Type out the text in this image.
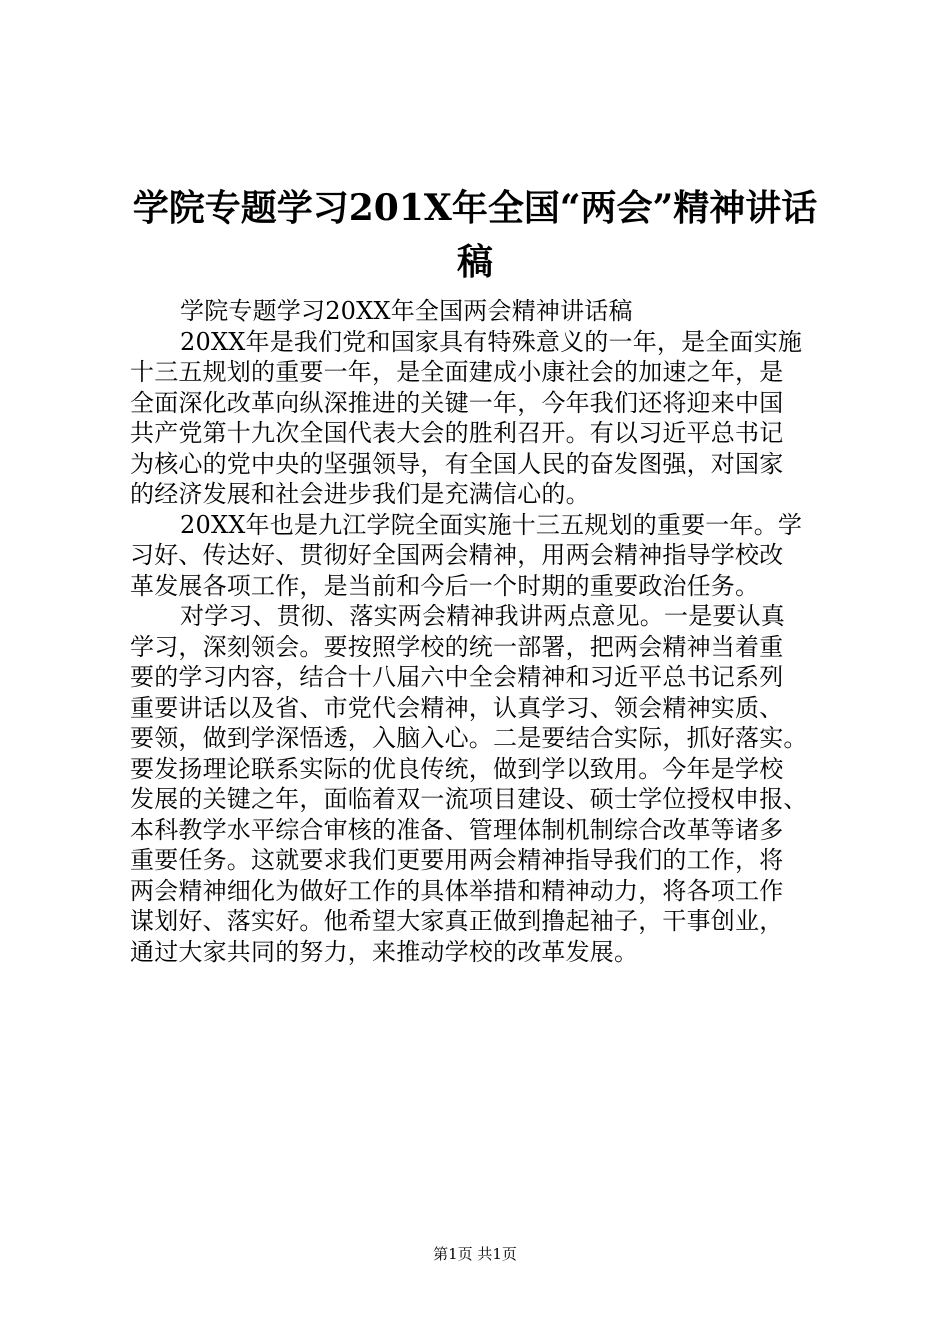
学院专题学习201X年全国“两会”精神讲话
稿
学院专题学习20XX年全国两会精神讲话稿
20XX年是我们党和国家具有特殊意义的一年，是全面实施
十三五规划的重要一年，是全面建成小康社会的加速之年，是
全面深化改革向纵深推进的关键一年，今年我们还将迎来中国
共产党第十九次全国代表大会的胜利召开。有以习近平总书记
为核心的党中央的坚强领导，有全国人民的奋发图强，对国家
的经济发展和社会进步我们是充满信心的。
20XX年也是九江学院全面实施十三五规划的重要一年。学
习好、传达好、贯彻好全国两会精神，用两会精神指导学校改
革发展各项工作，是当前和今后一个时期的重要政治任务。
对学习、贯彻、落实两会精神我讲两点意见。一是要认真
学习，深刻领会。要按照学校的统一部署，把两会精神当着重
要的学习内容，结合十八届六中全会精神和习近平总书记系列
重要讲话以及省、市党代会精神，认真学习、领会精神实质、
要领，做到学深悟透，入脑入心。二是要结合实际，抓好落实。
要发扬理论联系实际的优良传统，做到学以致用。今年是学校
发展的关键之年，面临着双一流项目建设、硕士学位授权申报、
本科教学水平综合审核的准备、管理体制机制综合改革等诸多
重要任务。这就要求我们更要用两会精神指导我们的工作，将
两会精神细化为做好工作的具体举措和精神动力，将各项工作
谋划好、落实好。他希望大家真正做到撸起袖子，干事创业，
通过大家共同的努力，来推动学校的改革发展。
第1页 共1页
